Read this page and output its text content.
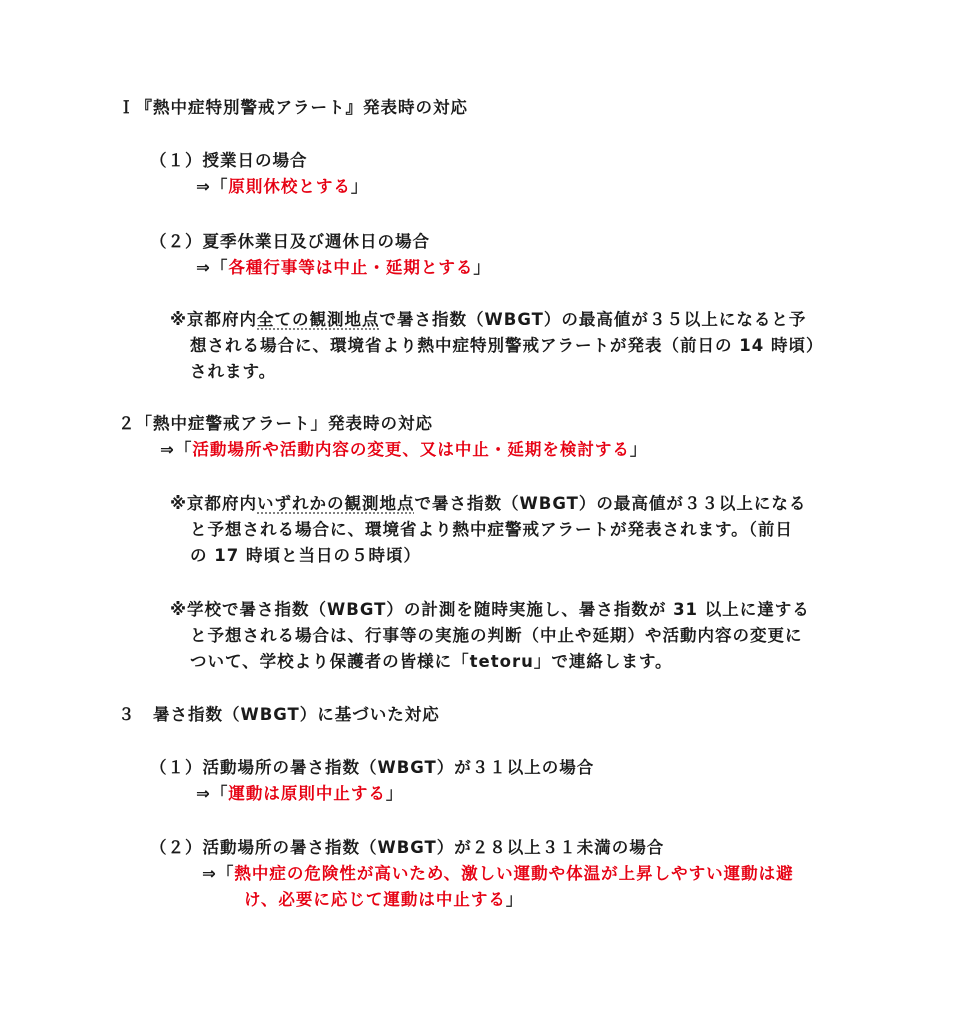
Ｉ『熱中症特別警戒アラート』発表時の対応
（１）授業日の場合
⇒「原則休校とする」
（２）夏季休業日及び週休日の場合
⇒「各種行事等は中止・延期とする」
※京都府内全ての観測地点で暑さ指数（WBGT）の最高値が３５以上になると予
想される場合に、環境省より熱中症特別警戒アラートが発表（前日の 14 時頃）
されます。
２「熱中症警戒アラート」発表時の対応
⇒「活動場所や活動内容の変更、又は中止・延期を検討する」
※京都府内いずれかの観測地点で暑さ指数（WBGT）の最高値が３３以上になる
と予想される場合に、環境省より熱中症警戒アラートが発表されます。（前日
の 17 時頃と当日の５時頃）
※学校で暑さ指数（WBGT）の計測を随時実施し、暑さ指数が 31 以上に達する
と予想される場合は、行事等の実施の判断（中止や延期）や活動内容の変更に
ついて、学校より保護者の皆様に「tetoru」で連絡します。
３　暑さ指数（WBGT）に基づいた対応
（１）活動場所の暑さ指数（WBGT）が３１以上の場合
⇒「運動は原則中止する」
（２）活動場所の暑さ指数（WBGT）が２８以上３１未満の場合
⇒「熱中症の危険性が高いため、激しい運動や体温が上昇しやすい運動は避
け、必要に応じて運動は中止する」
